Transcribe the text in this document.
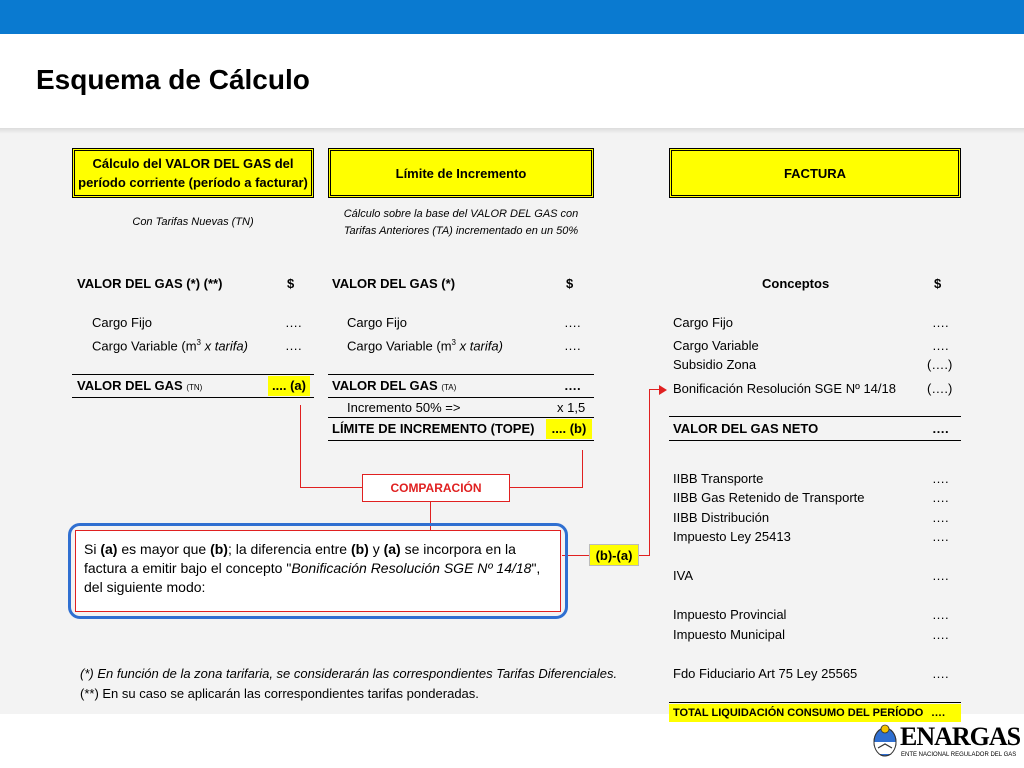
Esquema de Cálculo
Cálculo del VALOR DEL GAS del período corriente (período a facturar)
Límite de Incremento	FACTURA
Con Tarifas Nuevas (TN)
Cálculo sobre la base del VALOR DEL GAS con
Tarifas Anteriores (TA) incrementado en un 50%
VALOR DEL GAS (*) (**)	$
Cargo Fijo	….
Cargo Variable ($m^3$ x tarifa)	….
VALOR DEL GAS (TN)	.... (a)
VALOR DEL GAS (*)	$
Cargo Fijo	….
Cargo Variable ($m^3$ x tarifa)	….
VALOR DEL GAS (TA)	….
Incremento 50% =>	x 1,5
LÍMITE DE INCREMENTO (TOPE)	.... (b)
Conceptos	$
Cargo Fijo	….
Cargo Variable	….
Subsidio Zona	(….)
Bonificación Resolución SGE Nº 14/18 (….)
VALOR DEL GAS NETO	….
IIBB Transporte	….
IIBB Gas Retenido de Transporte	….
IIBB Distribución	….
Impuesto Ley 25413	….
IVA	….
Impuesto Provincial	….
Impuesto Municipal	….
Fdo Fiduciario Art 75 Ley 25565	….
TOTAL LIQUIDACIÓN CONSUMO DEL PERÍODO ….
COMPARACIÓN
(b)-(a)
Si (a) es mayor que (b); la diferencia entre (b) y (a) se incorpora en la factura a emitir bajo el concepto "Bonificación Resolución SGE Nº 14/18", del siguiente modo:
(*) En función de la zona tarifaria, se considerarán las correspondientes Tarifas Diferenciales.
(**) En su caso se aplicarán las correspondientes tarifas ponderadas.
ENARGAS
ENTE NACIONAL REGULADOR DEL GAS
